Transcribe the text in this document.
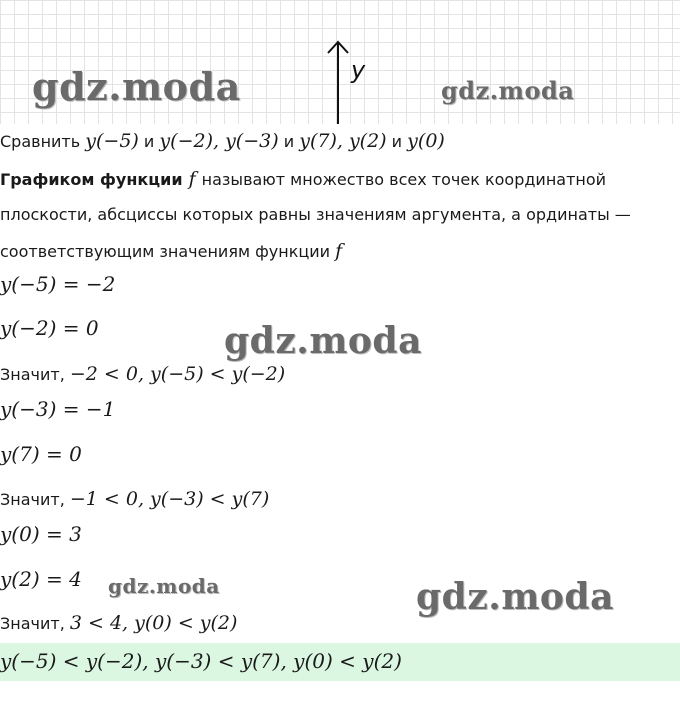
y
gdz.moda	gdz.moda
Сравнить y(−5) и y(−2), y(−3) и y(7), y(2) и y(0)
Графиком функции f называют множество всех точек координатной
плоскости, абсциссы которых равны значениям аргумента, а ординаты —
соответствующим значениям функции f
y(−5) = −2
y(−2) = 0	gdz.moda
Значит, −2 < 0, y(−5) < y(−2)
y(−3) = −1
y(7) = 0
Значит, −1 < 0, y(−3) < y(7)
y(0) = 3
y(2) = 4 gdz.moda	gdz.moda
Значит, 3 < 4, y(0) < y(2)
y(−5) < y(−2), y(−3) < y(7), y(0) < y(2)
